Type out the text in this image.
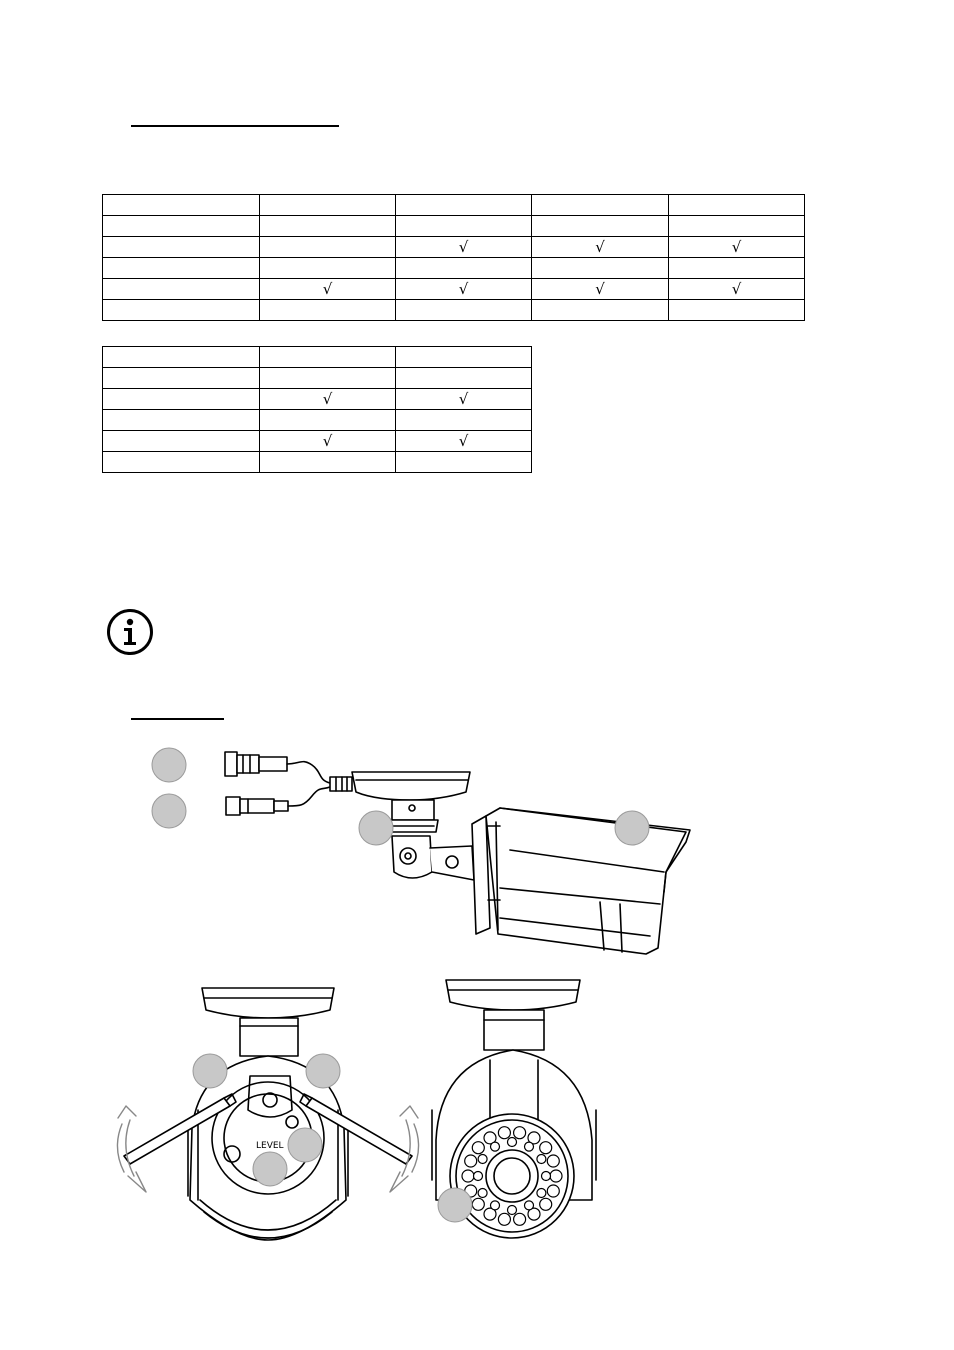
		√	√	√

	√	√	√	√

	√	√

	√	√

LEVEL
